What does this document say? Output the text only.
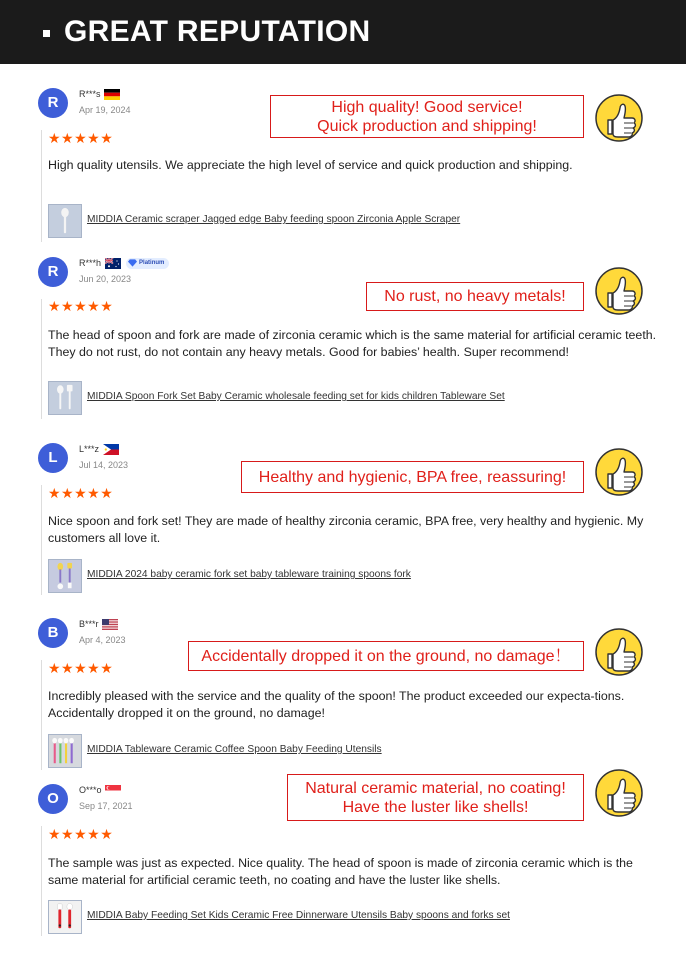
GREAT REPUTATION
R	R***s
Apr 19, 2024
★★★★★
High quality utensils. We appreciate the high level of service and quick production and shipping.
MIDDIA Ceramic scraper Jagged edge Baby feeding spoon Zirconia Apple Scraper
High quality! Good service!
Quick production and shipping!
R	R***h	Platinum
Jun 20, 2023
★★★★★
The head of spoon and fork are made of zirconia ceramic which is the same material for artificial ceramic teeth. They do not rust, do not contain any heavy metals. Good for babies’ health. Super recommend!
MIDDIA Spoon Fork Set Baby Ceramic wholesale feeding set for kids children Tableware Set
No rust, no heavy metals!
L	L***z
Jul 14, 2023
★★★★★
Nice spoon and fork set! They are made of healthy zirconia ceramic, BPA free, very healthy and hygienic. My customers all love it.
MIDDIA 2024 baby ceramic fork set baby tableware training spoons fork
Healthy and hygienic, BPA free, reassuring!
B	B***r
Apr 4, 2023
★★★★★
Incredibly pleased with the service and the quality of the spoon! The product exceeded our expecta-tions. Accidentally dropped it on the ground, no damage!
MIDDIA Tableware Ceramic Coffee Spoon Baby Feeding Utensils
Accidentally dropped it on the ground, no damage！
O	O***o
Sep 17, 2021
★★★★★
The sample was just as expected. Nice quality. The head of spoon is made of zirconia ceramic which is the same material for artificial ceramic teeth, no coating and have the luster like shells.
MIDDIA Baby Feeding Set Kids Ceramic Free Dinnerware Utensils Baby spoons and forks set
Natural ceramic material, no coating!
Have the luster like shells!
